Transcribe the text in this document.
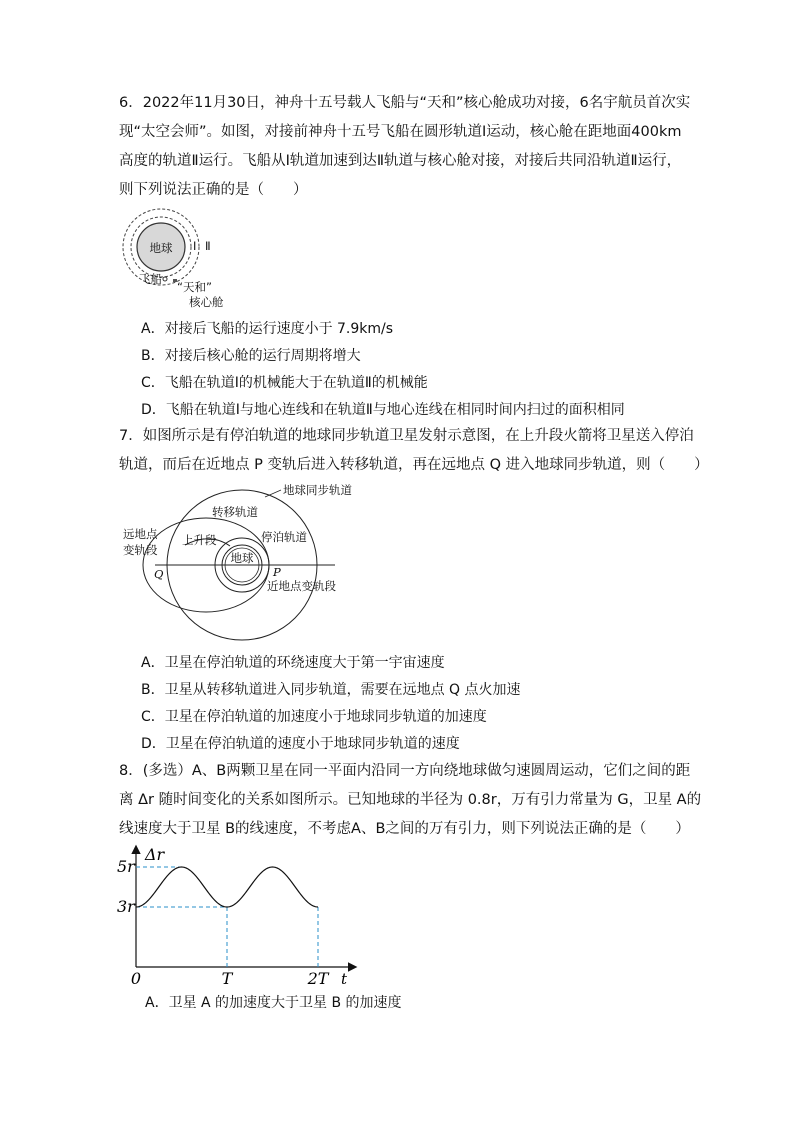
6．2022年11月30日，神舟十五号载人飞船与“天和”核心舱成功对接，6名宇航员首次实
现“太空会师”。如图，对接前神舟十五号飞船在圆形轨道Ⅰ运动，核心舱在距地面400km
高度的轨道Ⅱ运行。飞船从Ⅰ轨道加速到达Ⅱ轨道与核心舱对接，对接后共同沿轨道Ⅱ运行，
则下列说法正确的是（　　）
地球 Ⅰ Ⅱ
飞船
“天和”
核心舱
A．对接后飞船的运行速度小于 7.9km/s
B．对接后核心舱的运行周期将增大
C．飞船在轨道Ⅰ的机械能大于在轨道Ⅱ的机械能
D．飞船在轨道Ⅰ与地心连线和在轨道Ⅱ与地心连线在相同时间内扫过的面积相同
7．如图所示是有停泊轨道的地球同步轨道卫星发射示意图，在上升段火箭将卫星送入停泊
轨道，而后在近地点 P 变轨后进入转移轨道，再在远地点 Q 进入地球同步轨道，则（　　）
地球同步轨道
转移轨道
上升段	停泊轨道
地球
远地点
变轨段
Q	P
近地点变轨段
A．卫星在停泊轨道的环绕速度大于第一宇宙速度
B．卫星从转移轨道进入同步轨道，需要在远地点 Q 点火加速
C．卫星在停泊轨道的加速度小于地球同步轨道的加速度
D．卫星在停泊轨道的速度小于地球同步轨道的速度
8．(多选）A、B两颗卫星在同一平面内沿同一方向绕地球做匀速圆周运动，它们之间的距
离 Δr 随时间变化的关系如图所示。已知地球的半径为 0.8r，万有引力常量为 G，卫星 A的
线速度大于卫星 B的线速度，不考虑A、B之间的万有引力，则下列说法正确的是（　　）
Δr
t
5r
3r
0	T	2T
A．卫星 A 的加速度大于卫星 B 的加速度
